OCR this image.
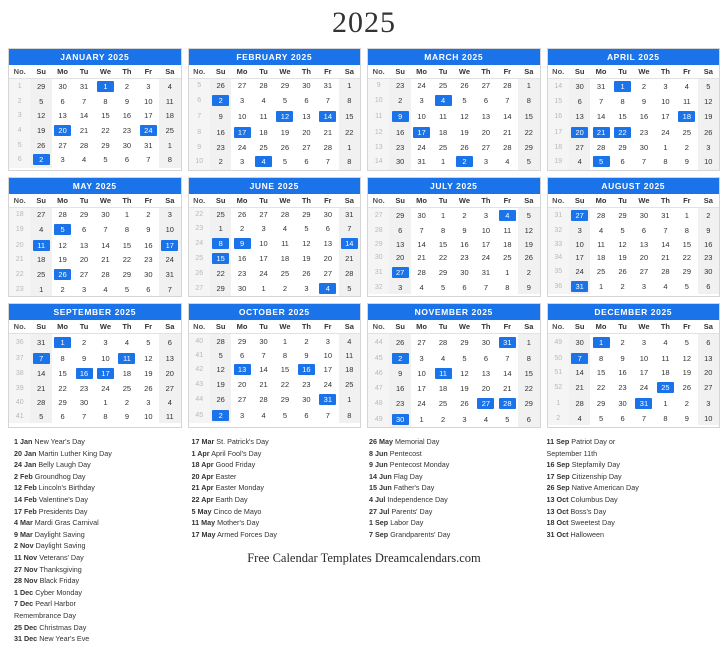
2025
JANUARY 2025
No.	Su	Mo	Tu	We	Th	Fr	Sa
1	29	30	31	1	2	3	4
2	5	6	7	8	9	10	11
3	12	13	14	15	16	17	18
4	19	20	21	22	23	24	25
5	26	27	28	29	30	31	1
6	2	3	4	5	6	7	8
FEBRUARY 2025
No.	Su	Mo	Tu	We	Th	Fr	Sa
5	26	27	28	29	30	31	1
6	2	3	4	5	6	7	8
7	9	10	11	12	13	14	15
8	16	17	18	19	20	21	22
9	23	24	25	26	27	28	1
10	2	3	4	5	6	7	8
MARCH 2025
No.	Su	Mo	Tu	We	Th	Fr	Sa
9	23	24	25	26	27	28	1
10	2	3	4	5	6	7	8
11	9	10	11	12	13	14	15
12	16	17	18	19	20	21	22
13	23	24	25	26	27	28	29
14	30	31	1	2	3	4	5
APRIL 2025
No.	Su	Mo	Tu	We	Th	Fr	Sa
14	30	31	1	2	3	4	5
15	6	7	8	9	10	11	12
16	13	14	15	16	17	18	19
17	20	21	22	23	24	25	26
18	27	28	29	30	1	2	3
19	4	5	6	7	8	9	10
MAY 2025
No.	Su	Mo	Tu	We	Th	Fr	Sa
18	27	28	29	30	1	2	3
19	4	5	6	7	8	9	10
20	11	12	13	14	15	16	17
21	18	19	20	21	22	23	24
22	25	26	27	28	29	30	31
23	1	2	3	4	5	6	7
JUNE 2025
No.	Su	Mo	Tu	We	Th	Fr	Sa
22	25	26	27	28	29	30	31
23	1	2	3	4	5	6	7
24	8	9	10	11	12	13	14
25	15	16	17	18	19	20	21
26	22	23	24	25	26	27	28
27	29	30	1	2	3	4	5
JULY 2025
No.	Su	Mo	Tu	We	Th	Fr	Sa
27	29	30	1	2	3	4	5
28	6	7	8	9	10	11	12
29	13	14	15	16	17	18	19
30	20	21	22	23	24	25	26
31	27	28	29	30	31	1	2
32	3	4	5	6	7	8	9
AUGUST 2025
No.	Su	Mo	Tu	We	Th	Fr	Sa
31	27	28	29	30	31	1	2
32	3	4	5	6	7	8	9
33	10	11	12	13	14	15	16
34	17	18	19	20	21	22	23
35	24	25	26	27	28	29	30
36	31	1	2	3	4	5	6
SEPTEMBER 2025
No.	Su	Mo	Tu	We	Th	Fr	Sa
36	31	1	2	3	4	5	6
37	7	8	9	10	11	12	13
38	14	15	16	17	18	19	20
39	21	22	23	24	25	26	27
40	28	29	30	1	2	3	4
41	5	6	7	8	9	10	11
OCTOBER 2025
No.	Su	Mo	Tu	We	Th	Fr	Sa
40	28	29	30	1	2	3	4
41	5	6	7	8	9	10	11
42	12	13	14	15	16	17	18
43	19	20	21	22	23	24	25
44	26	27	28	29	30	31	1
45	2	3	4	5	6	7	8
NOVEMBER 2025
No.	Su	Mo	Tu	We	Th	Fr	Sa
44	26	27	28	29	30	31	1
45	2	3	4	5	6	7	8
46	9	10	11	12	13	14	15
47	16	17	18	19	20	21	22
48	23	24	25	26	27	28	29
49	30	1	2	3	4	5	6
DECEMBER 2025
No.	Su	Mo	Tu	We	Th	Fr	Sa
49	30	1	2	3	4	5	6
50	7	8	9	10	11	12	13
51	14	15	16	17	18	19	20
52	21	22	23	24	25	26	27
1	28	29	30	31	1	2	3
2	4	5	6	7	8	9	10
1 Jan New Year's Day
20 Jan Martin Luther King Day
24 Jan Belly Laugh Day
2 Feb Groundhog Day
12 Feb Lincoln's Birthday
14 Feb Valentine's Day
17 Feb Presidents Day
4 Mar Mardi Gras Carnival
9 Mar Daylight Saving
17 Mar St. Patrick's Day
1 Apr April Fool's Day
18 Apr Good Friday
20 Apr Easter
21 Apr Easter Monday
22 Apr Earth Day
5 May Cinco de Mayo
11 May Mother's Day
17 May Armed Forces Day
26 May Memorial Day
8 Jun Pentecost
9 Jun Pentecost Monday
14 Jun Flag Day
15 Jun Father's Day
4 Jul Independence Day
27 Jul Parents' Day
1 Sep Labor Day
7 Sep Grandparents' Day
11 Sep Patriot Day or
September 11th
16 Sep Stepfamily Day
17 Sep Citizenship Day
26 Sep Native American Day
13 Oct Columbus Day
13 Oct Boss's Day
18 Oct Sweetest Day
31 Oct Halloween
2 Nov Daylight Saving
11 Nov Veterans' Day
27 Nov Thanksgiving
28 Nov Black Friday
1 Dec Cyber Monday
7 Dec Pearl Harbor
Remembrance Day
25 Dec Christmas Day
31 Dec New Year's Eve
Free Calendar Templates Dreamcalendars.com
